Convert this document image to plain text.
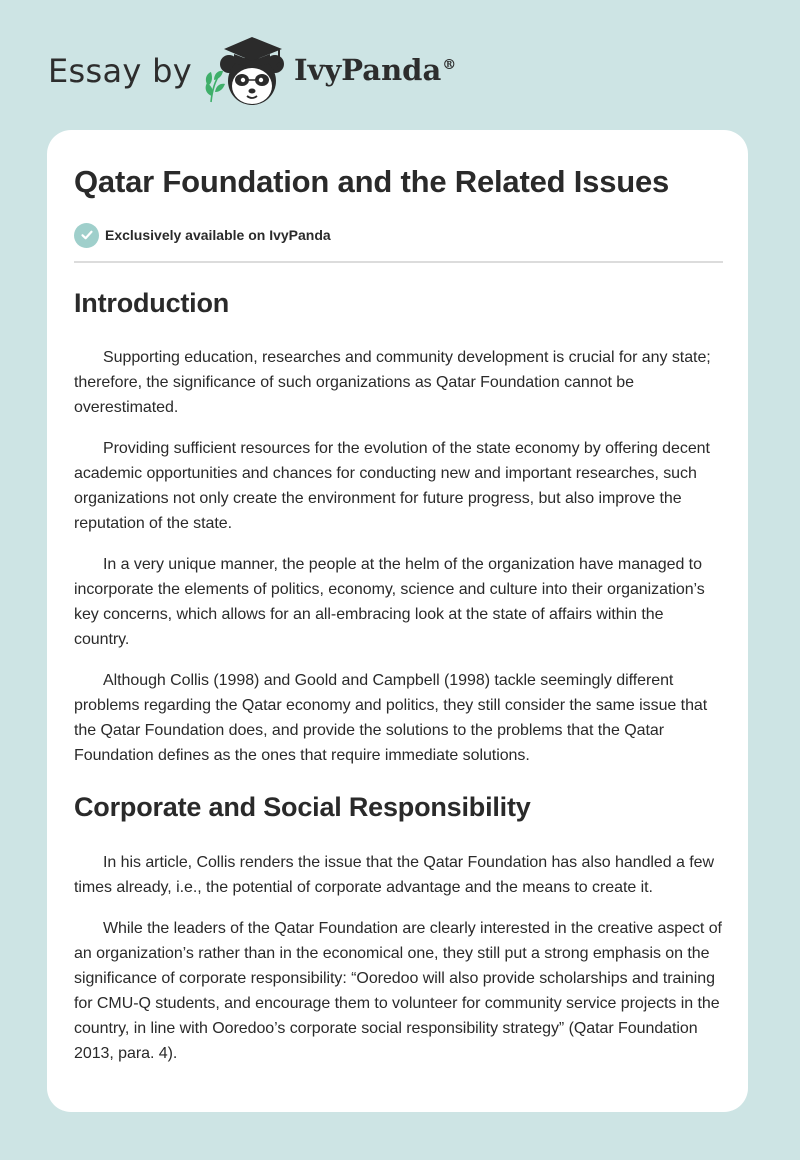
Essay by	IvyPanda®
Qatar Foundation and the Related Issues
Exclusively available on IvyPanda
Introduction

Supporting education, researches and community development is crucial for any state; therefore, the significance of such organizations as Qatar Foundation cannot be overestimated.

Providing sufficient resources for the evolution of the state economy by offering decent academic opportunities and chances for conducting new and important researches, such organizations not only create the environment for future progress, but also improve the reputation of the state.

In a very unique manner, the people at the helm of the organization have managed to incorporate the elements of politics, economy, science and culture into their organization’s key concerns, which allows for an all-embracing look at the state of affairs within the country.

Although Collis (1998) and Goold and Campbell (1998) tackle seemingly different problems regarding the Qatar economy and politics, they still consider the same issue that the Qatar Foundation does, and provide the solutions to the problems that the Qatar Foundation defines as the ones that require immediate solutions.

Corporate and Social Responsibility

In his article, Collis renders the issue that the Qatar Foundation has also handled a few times already, i.e., the potential of corporate advantage and the means to create it.

While the leaders of the Qatar Foundation are clearly interested in the creative aspect of an organization’s rather than in the economical one, they still put a strong emphasis on the significance of corporate responsibility: “Ooredoo will also provide scholarships and training for CMU-Q students, and encourage them to volunteer for community service projects in the country, in line with Ooredoo’s corporate social responsibility strategy” (Qatar Foundation 2013, para. 4).
